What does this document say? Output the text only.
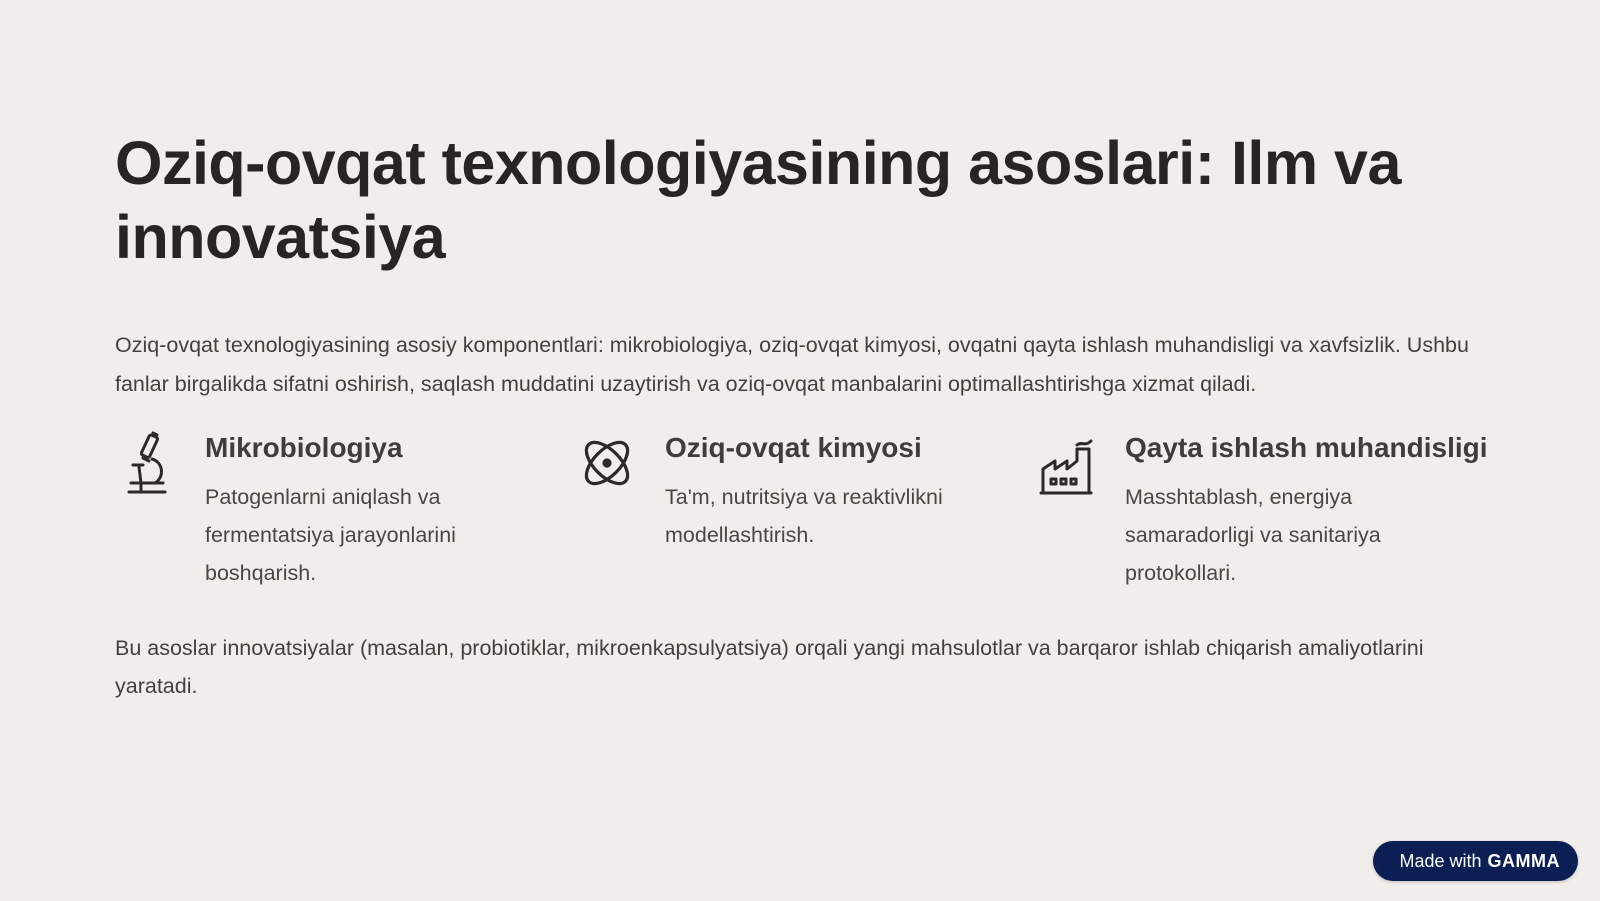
Oziq-ovqat texnologiyasining asoslari: Ilm va innovatsiya

Oziq-ovqat texnologiyasining asosiy komponentlari: mikrobiologiya, oziq-ovqat kimyosi, ovqatni qayta ishlash muhandisligi va xavfsizlik. Ushbu fanlar birgalikda sifatni oshirish, saqlash muddatini uzaytirish va oziq-ovqat manbalarini optimallashtirishga xizmat qiladi.

Mikrobiologiya

Patogenlarni aniqlash va fermentatsiya jarayonlarini boshqarish.

Oziq-ovqat kimyosi

Ta'm, nutritsiya va reaktivlikni modellashtirish.

Qayta ishlash muhandisligi

Masshtablash, energiya samaradorligi va sanitariya protokollari.

Bu asoslar innovatsiyalar (masalan, probiotiklar, mikroenkapsulyatsiya) orqali yangi mahsulotlar va barqaror ishlab chiqarish amaliyotlarini yaratadi.

Made with GAMMA
